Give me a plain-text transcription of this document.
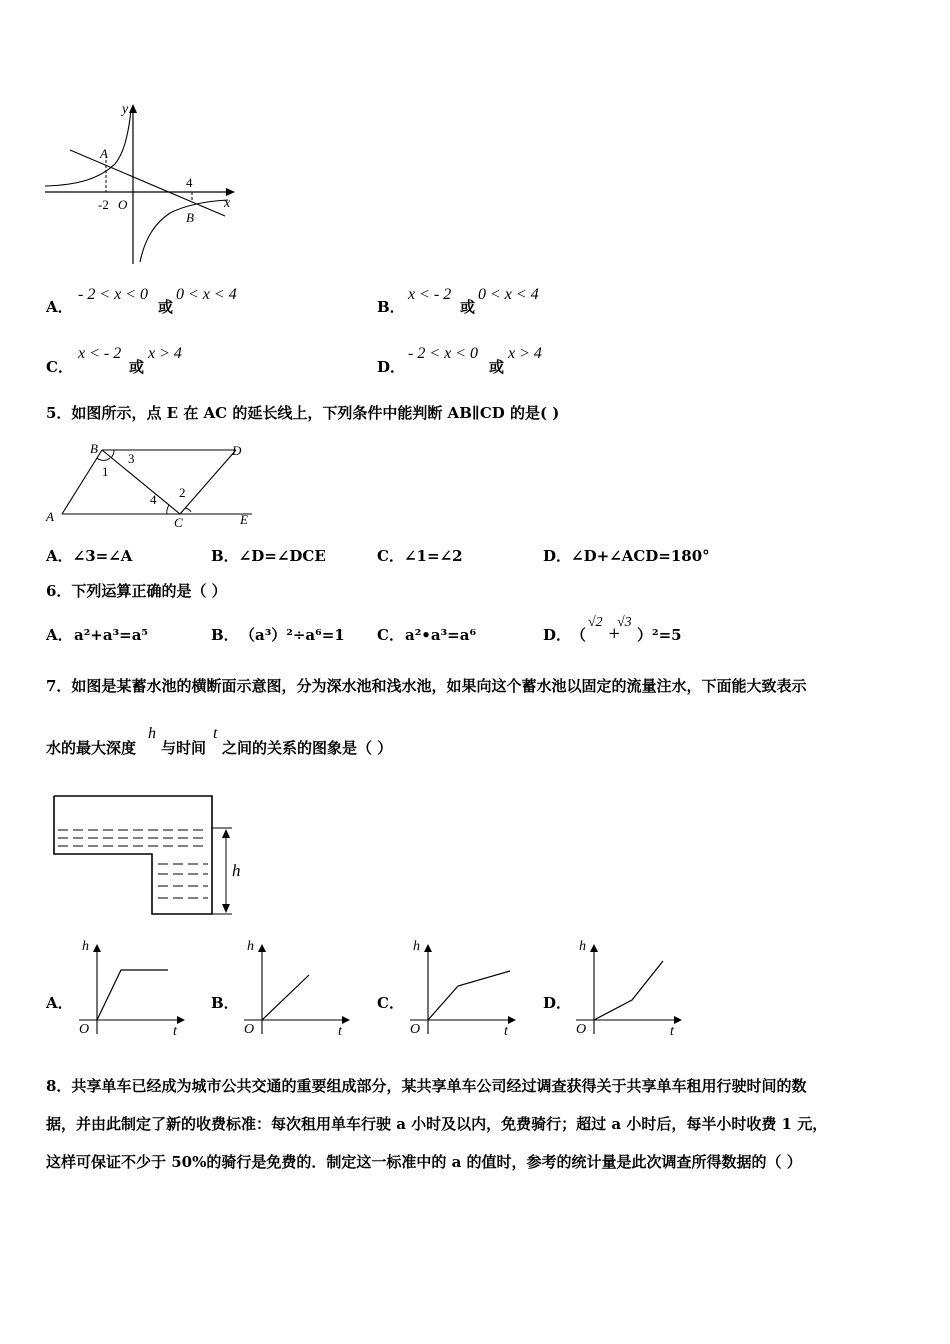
y
x
A
B
-2 O
4
A．
- 2 < x < 0
或
0 < x < 4
B．
x < - 2
或
0 < x < 4
C．
x < - 2
或
x > 4
D．
- 2 < x < 0
或
x > 4
5．如图所示，点 E 在 AC 的延长线上，下列条件中能判断 AB∥CD 的是( )
B	D
A	C	E
1
3
2
4
A．∠3=∠A	B．∠D=∠DCE	C．∠1=∠2	D．∠D+∠ACD=180°
6．下列运算正确的是（ ）
A． a²+a³=a⁵	B． （a³）²÷a⁶=1 C． a²•a³=a⁶	D． （
√2
+
√3
）²=5
7．如图是某蓄水池的横断面示意图，分为深水池和浅水池，如果向这个蓄水池以固定的流量注水，下面能大致表示
水的最大深度
h
与时间
t
之间的关系的图象是（ ）
h
A．	B．	C．	D．
h
O	t
h
O	t
h
O	t
h
O	t
8．共享单车已经成为城市公共交通的重要组成部分，某共享单车公司经过调查获得关于共享单车租用行驶时间的数
据，并由此制定了新的收费标准：每次租用单车行驶 a 小时及以内，免费骑行；超过 a 小时后，每半小时收费 1 元，
这样可保证不少于 50%的骑行是免费的．制定这一标准中的 a 的值时，参考的统计量是此次调查所得数据的（ ）
